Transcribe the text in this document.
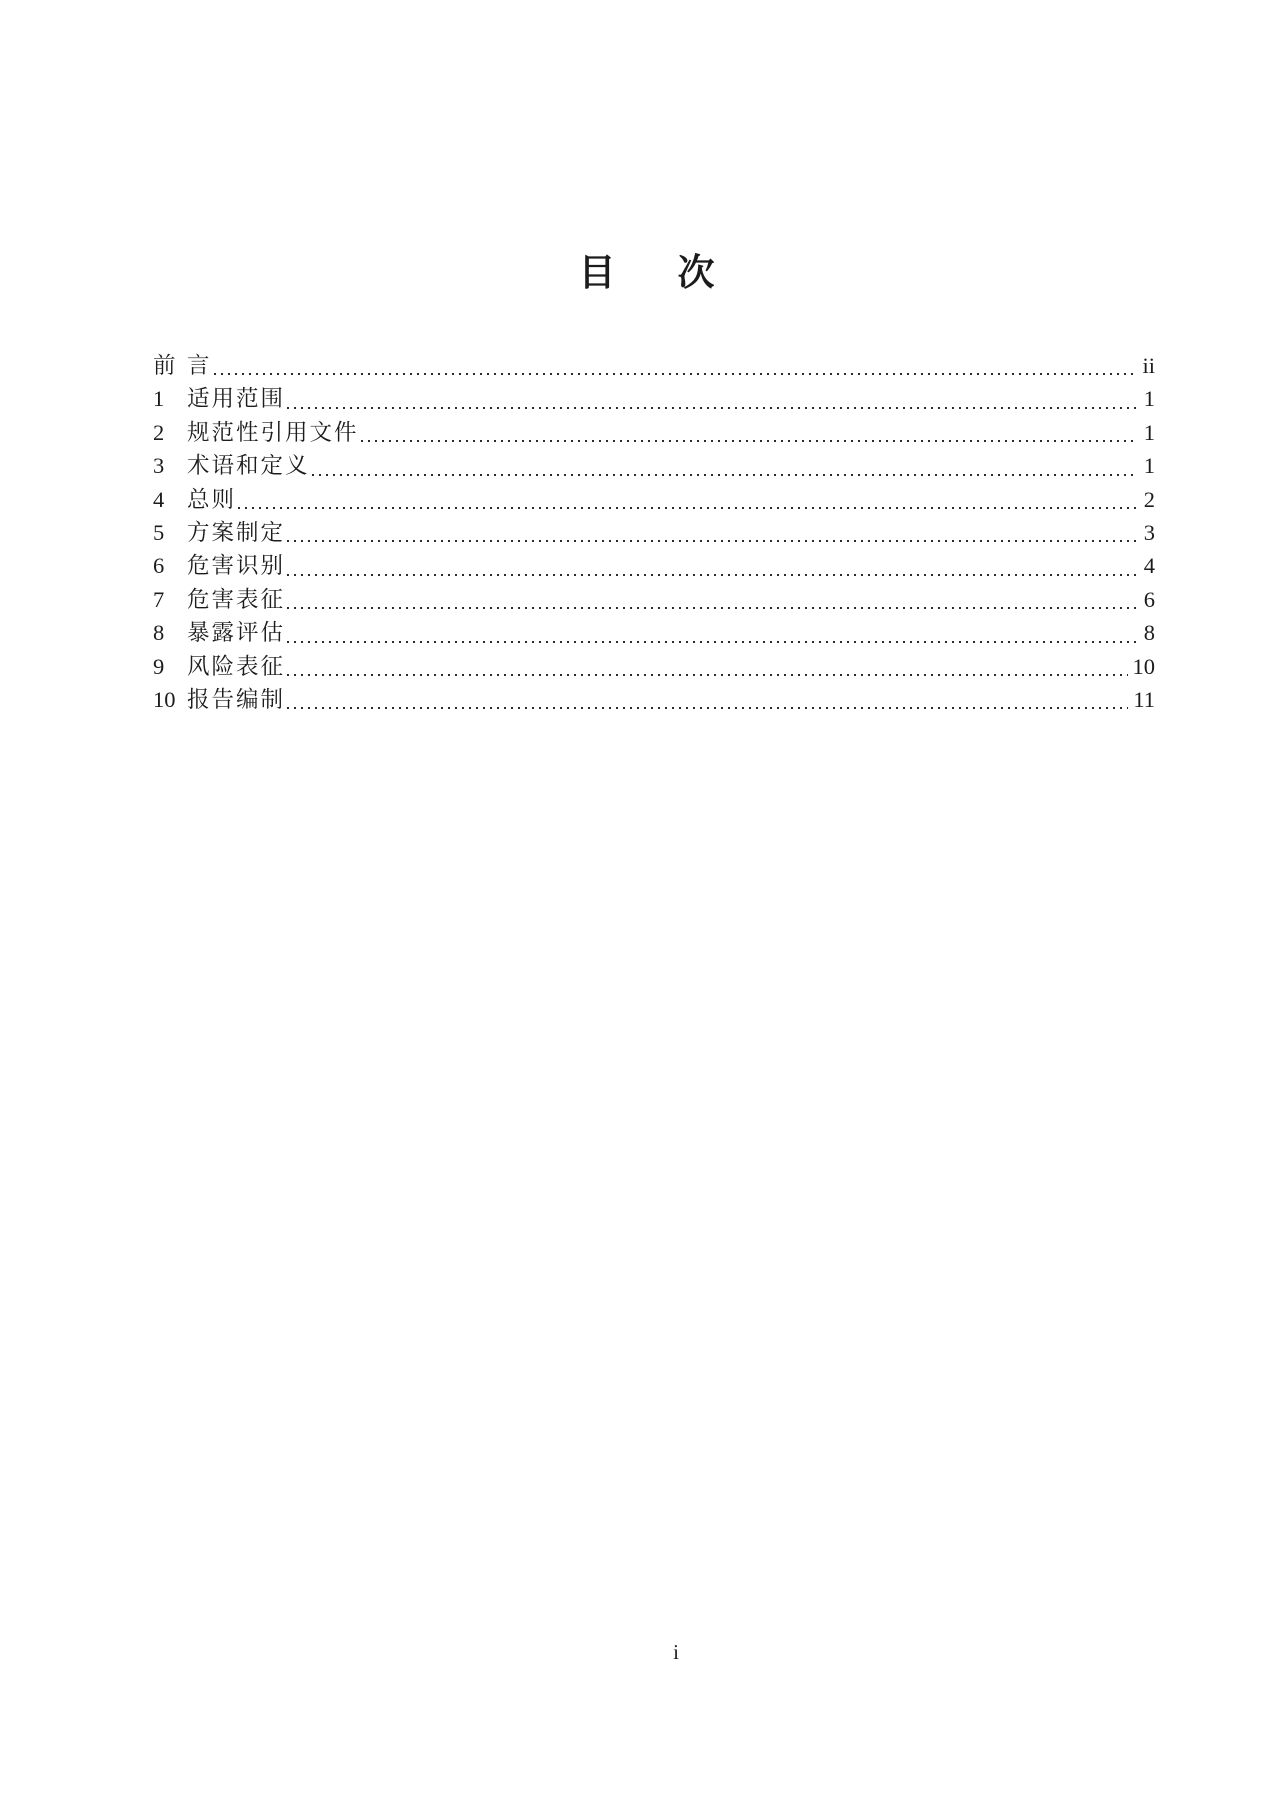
目 次
前 言	ii
1	适用范围	1
2	规范性引用文件	1
3	术语和定义	1
4	总则	2
5	方案制定	3
6	危害识别	4
7	危害表征	6
8	暴露评估	8
9	风险表征	10
10 报告编制	11
i
